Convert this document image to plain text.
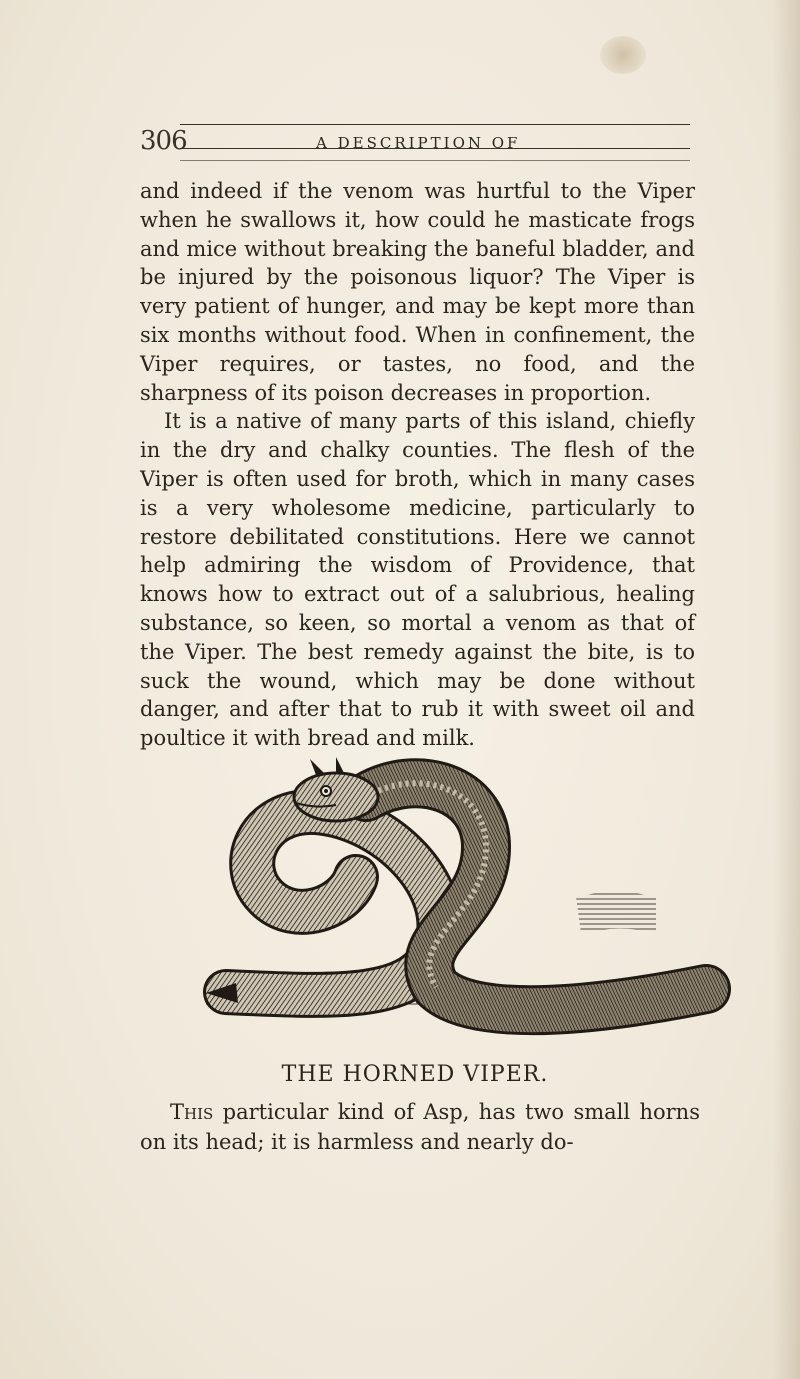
306	A DESCRIPTION OF

and indeed if the venom was hurtful to the Viper when he swallows it, how could he masticate frogs and mice without breaking the baneful bladder, and be injured by the poisonous liquor? The Viper is very patient of hunger, and may be kept more than six months without food. When in confinement, the Viper requires, or tastes, no food, and the sharpness of its poison decreases in proportion.

It is a native of many parts of this island, chiefly in the dry and chalky counties. The flesh of the Viper is often used for broth, which in many cases is a very wholesome medicine, particularly to restore debilitated constitutions. Here we cannot help admiring the wisdom of Providence, that knows how to extract out of a salubrious, healing substance, so keen, so mortal a venom as that of the Viper. The best remedy against the bite, is to suck the wound, which may be done without danger, and after that to rub it with sweet oil and poultice it with bread and milk.

THE HORNED VIPER.

This particular kind of Asp, has two small horns on its head; it is harmless and nearly do-
